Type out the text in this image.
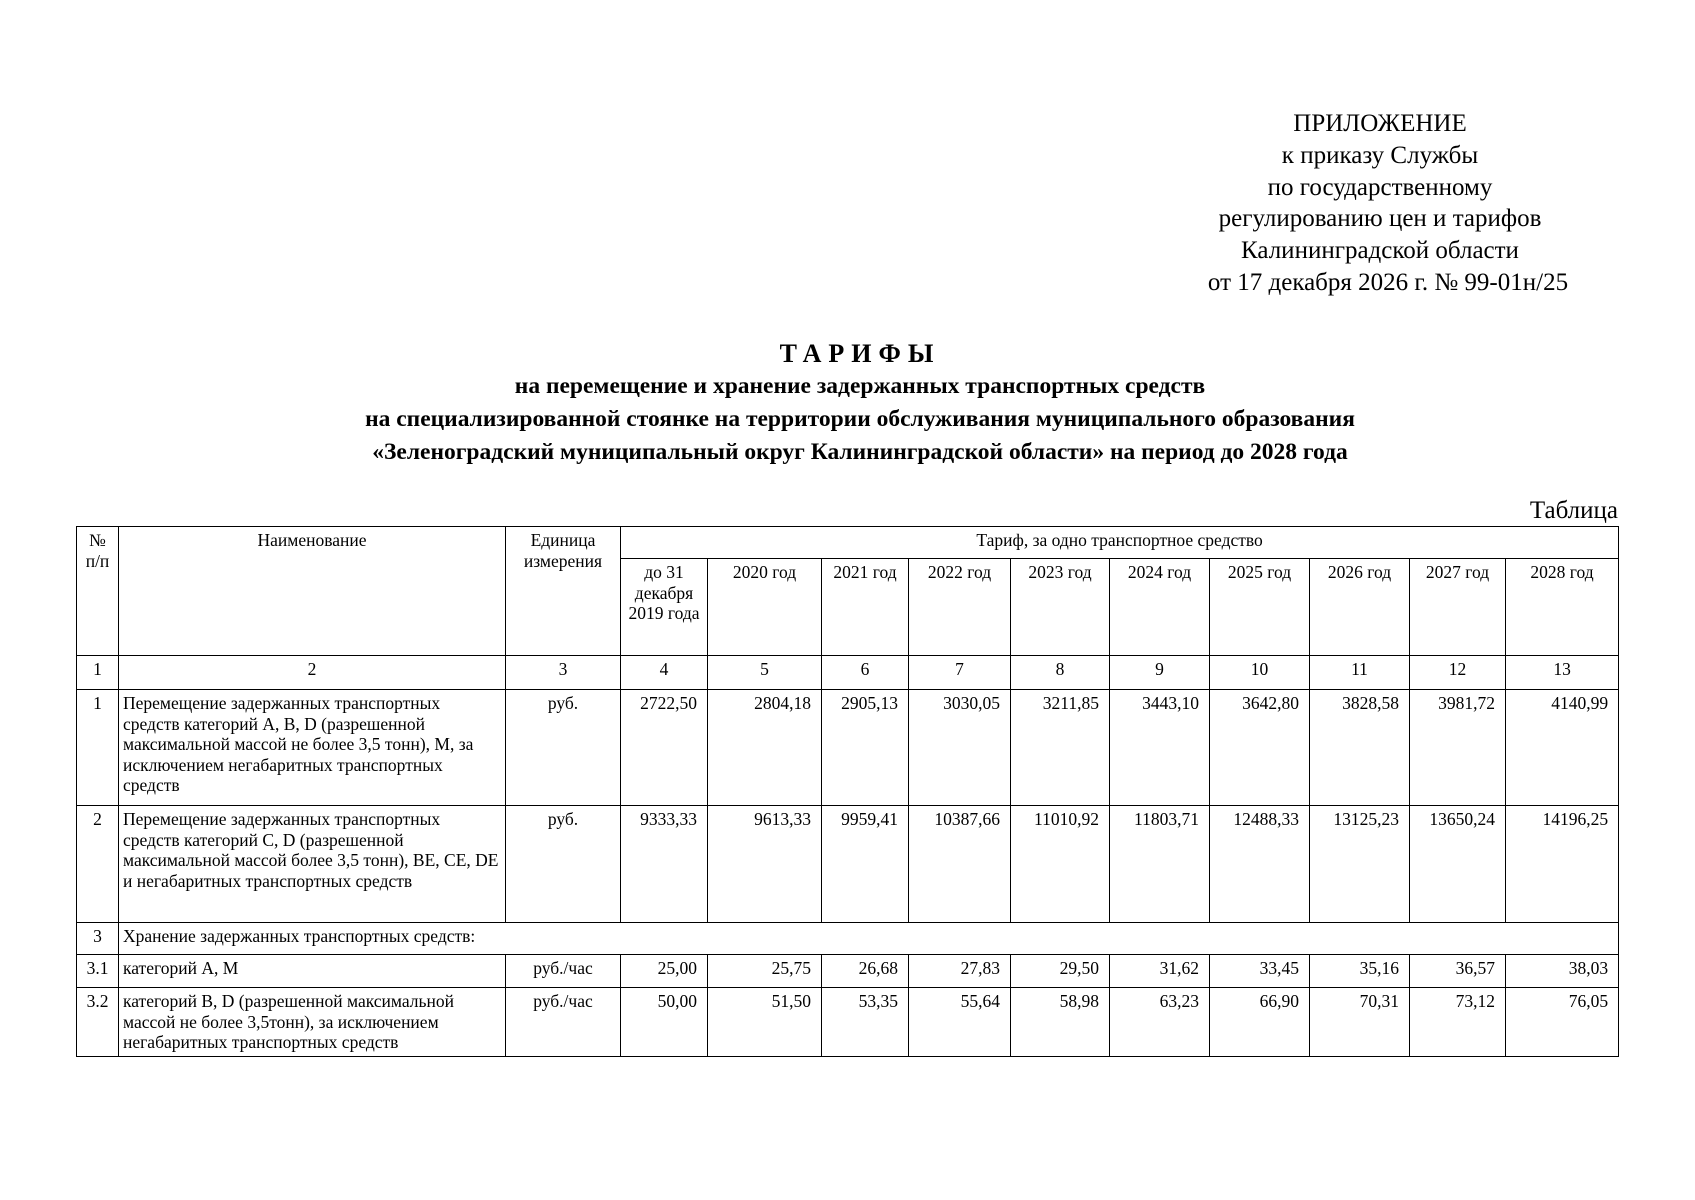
ПРИЛОЖЕНИЕ
к приказу Службы
по государственному
регулированию цен и тарифов
Калининградской области
от 17 декабря 2026 г. № 99-01н/25
ТАРИФЫ
на перемещение и хранение задержанных транспортных средств
на специализированной стоянке на территории обслуживания муниципального образования
«Зеленоградский муниципальный округ Калининградской области» на период до 2028 года
Таблица
№ п/п	Наименование	Единица измерения	Тариф, за одно транспортное средство									
			до 31 декабря 2019 года	2020 год	2021 год	2022 год	2023 год	2024 год	2025 год	2026 год	2027 год	2028 год
1	2	3	4	5	6	7	8	9	10	11	12	13
1	Перемещение задержанных транспортных средств категорий A, B, D (разрешенной максимальной массой не более 3,5 тонн), M, за исключением негабаритных транспортных средств	руб.	2722,50	2804,18	2905,13	3030,05	3211,85	3443,10	3642,80	3828,58	3981,72	4140,99
2	Перемещение задержанных транспортных средств категорий C, D (разрешенной максимальной массой более 3,5 тонн), BE, CE, DE и негабаритных транспортных средств	руб.	9333,33	9613,33	9959,41	10387,66	11010,92	11803,71	12488,33	13125,23	13650,24	14196,25
3	Хранение задержанных транспортных средств:											
3.1	категорий A, M	руб./час	25,00	25,75	26,68	27,83	29,50	31,62	33,45	35,16	36,57	38,03
3.2	категорий B, D (разрешенной максимальной массой не более 3,5тонн), за исключением негабаритных транспортных средств	руб./час	50,00	51,50	53,35	55,64	58,98	63,23	66,90	70,31	73,12	76,05
